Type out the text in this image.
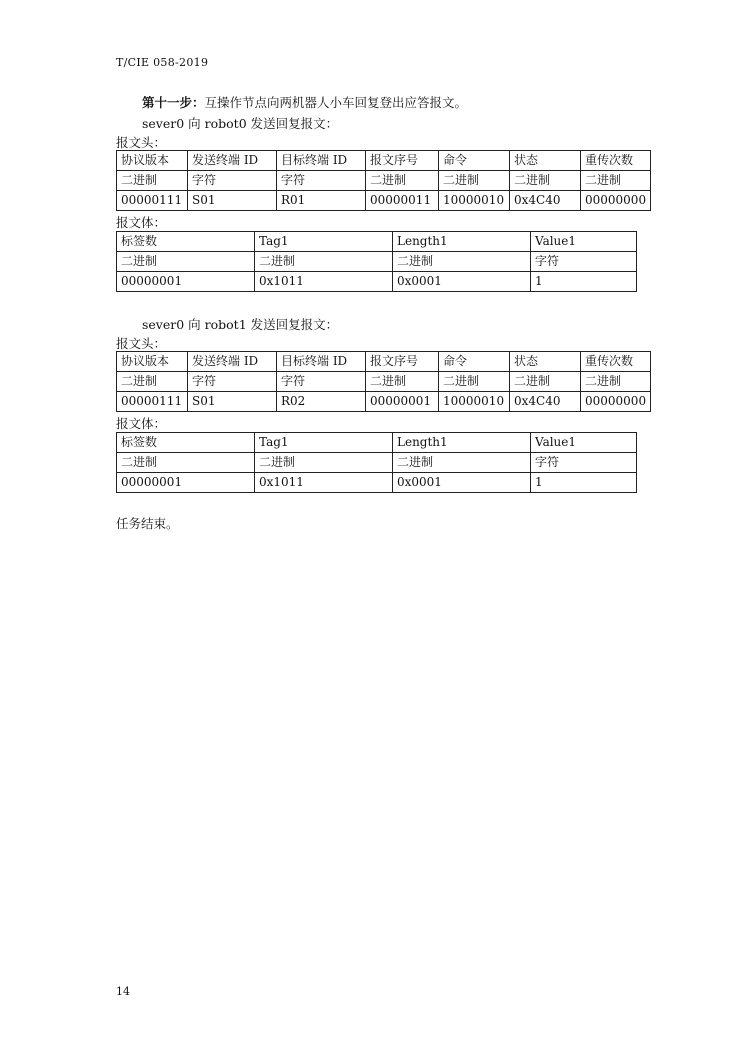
T/CIE 058-2019
第十一步：互操作节点向两机器人小车回复登出应答报文。
sever0 向 robot0 发送回复报文：
报文头：
协议版本	发送终端 ID	目标终端 ID	报文序号	命令	状态	重传次数
二进制	字符	字符	二进制	二进制	二进制	二进制
00000111	S01	R01	00000011	10000010	0x4C40	00000000
报文体：
标签数	Tag1	Length1	Value1
二进制	二进制	二进制	字符
00000001	0x1011	0x0001	1
sever0 向 robot1 发送回复报文：
报文头：
协议版本	发送终端 ID	目标终端 ID	报文序号	命令	状态	重传次数
二进制	字符	字符	二进制	二进制	二进制	二进制
00000111	S01	R02	00000001	10000010	0x4C40	00000000
报文体：
标签数	Tag1	Length1	Value1
二进制	二进制	二进制	字符
00000001	0x1011	0x0001	1
任务结束。
14
